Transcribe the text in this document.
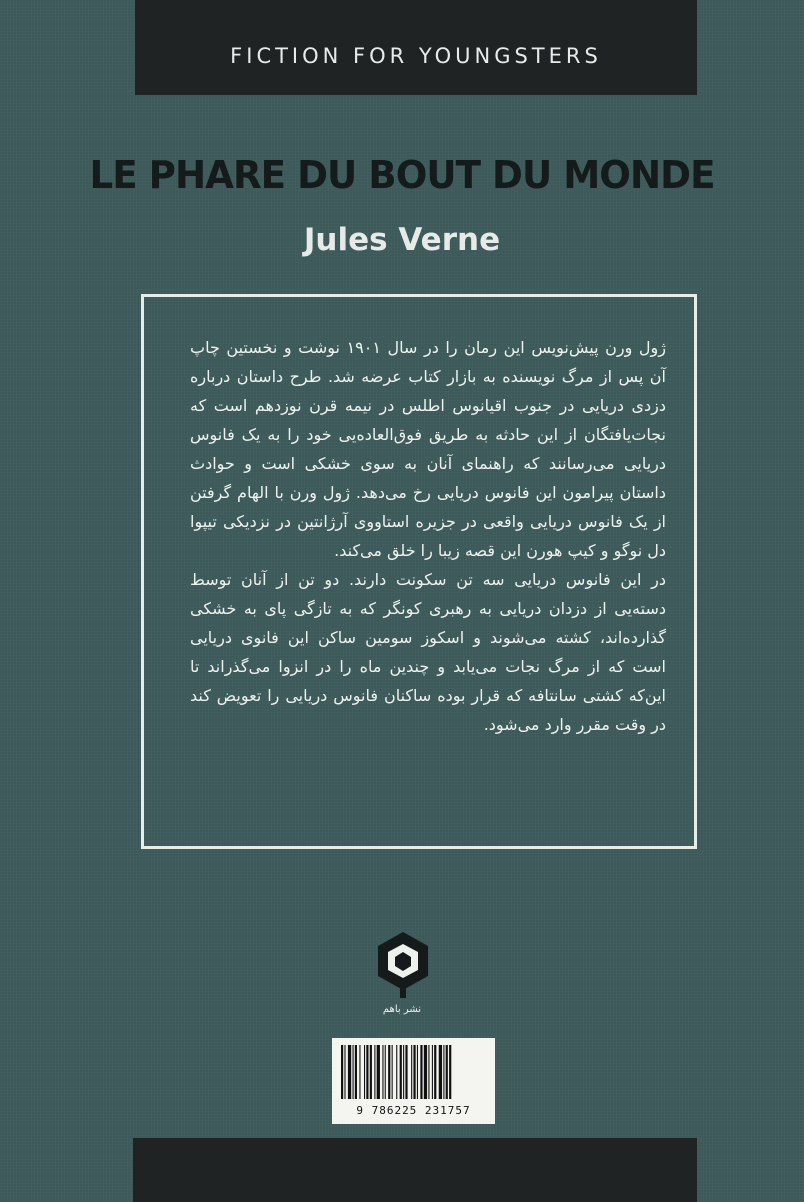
FICTION FOR YOUNGSTERS
LE PHARE DU BOUT DU MONDE
Jules Verne

ژول ورن پیش‌نویس این رمان را در سال ۱۹۰۱ نوشت و نخستین چاپ آن پس از مرگ نویسنده به بازار کتاب عرضه شد. طرح داستان درباره دزدی دریایی در جنوب اقیانوس اطلس در نیمه قرن نوزدهم است که نجات‌یافتگان از این حادثه به طریق فوق‌العاده‌یی خود را به یک فانوس دریایی می‌رسانند که راهنمای آنان به سوی خشکی است و حوادث داستان پیرامون این فانوس دریایی رخ می‌دهد. ژول ورن با الهام گرفتن از یک فانوس دریایی واقعی در جزیره استاووی آرژانتین در نزدیکی تیپوا دل نوگو و کیپ هورن این قصه زیبا را خلق می‌کند.

در این فانوس دریایی سه تن سکونت دارند. دو تن از آنان توسط دسته‌یی از دزدان دریایی به رهبری کونگر که به تازگی پای به خشکی گذارده‌اند، کشته می‌شوند و اسکوز سومین ساکن این فانوی دریایی است که از مرگ نجات می‌یابد و چندین ماه را در انزوا می‌گذراند تا این‌که کشتی سانتافه که قرار بوده ساکنان فانوس دریایی را تعویض کند در وقت مقرر وارد می‌شود.

نشر باهم
9 786225 231757
